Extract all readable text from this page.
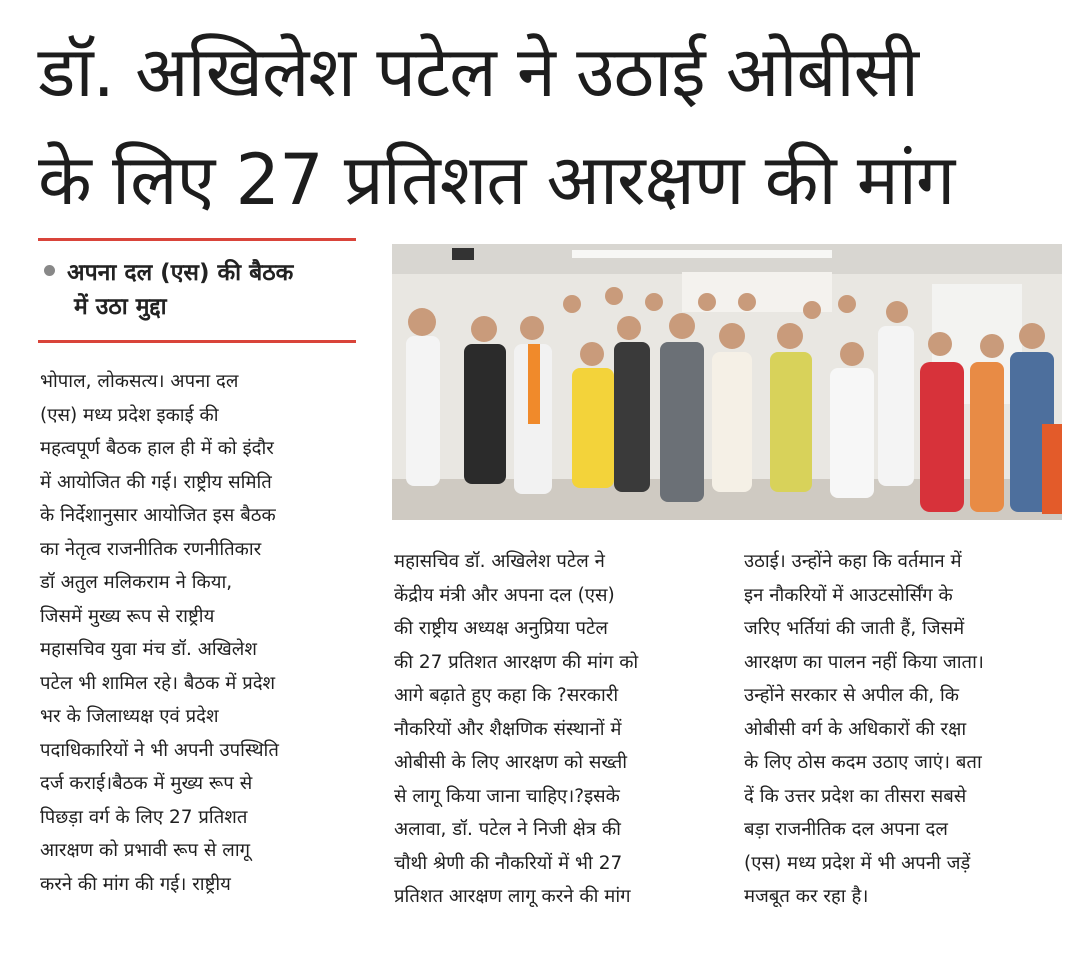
डॉ. अखिलेश पटेल ने उठाई ओबीसी
के लिए 27 प्रतिशत आरक्षण की मांग
अपना दल (एस) की बैठक
में उठा मुद्दा

भोपाल, लोकसत्य। अपना दल

(एस) मध्य प्रदेश इकाई की

महत्वपूर्ण बैठक हाल ही में को इंदौर

में आयोजित की गई। राष्ट्रीय समिति

के निर्देशानुसार आयोजित इस बैठक

का नेतृत्व राजनीतिक रणनीतिकार

डॉ अतुल मलिकराम ने किया,

जिसमें मुख्य रूप से राष्ट्रीय

महासचिव युवा मंच डॉ. अखिलेश

पटेल भी शामिल रहे। बैठक में प्रदेश

भर के जिलाध्यक्ष एवं प्रदेश

पदाधिकारियों ने भी अपनी उपस्थिति

दर्ज कराई।बैठक में मुख्य रूप से

पिछड़ा वर्ग के लिए 27 प्रतिशत

आरक्षण को प्रभावी रूप से लागू

करने की मांग की गई। राष्ट्रीय

महासचिव डॉ. अखिलेश पटेल ने

केंद्रीय मंत्री और अपना दल (एस)

की राष्ट्रीय अध्यक्ष अनुप्रिया पटेल

की 27 प्रतिशत आरक्षण की मांग को

आगे बढ़ाते हुए कहा कि ?सरकारी

नौकरियों और शैक्षणिक संस्थानों में

ओबीसी के लिए आरक्षण को सख्ती

से लागू किया जाना चाहिए।?इसके

अलावा, डॉ. पटेल ने निजी क्षेत्र की

चौथी श्रेणी की नौकरियों में भी 27

प्रतिशत आरक्षण लागू करने की मांग

उठाई। उन्होंने कहा कि वर्तमान में

इन नौकरियों में आउटसोर्सिंग के

जरिए भर्तियां की जाती हैं, जिसमें

आरक्षण का पालन नहीं किया जाता।

उन्होंने सरकार से अपील की, कि

ओबीसी वर्ग के अधिकारों की रक्षा

के लिए ठोस कदम उठाए जाएं। बता

दें कि उत्तर प्रदेश का तीसरा सबसे

बड़ा राजनीतिक दल अपना दल

(एस) मध्य प्रदेश में भी अपनी जड़ें

मजबूत कर रहा है।
